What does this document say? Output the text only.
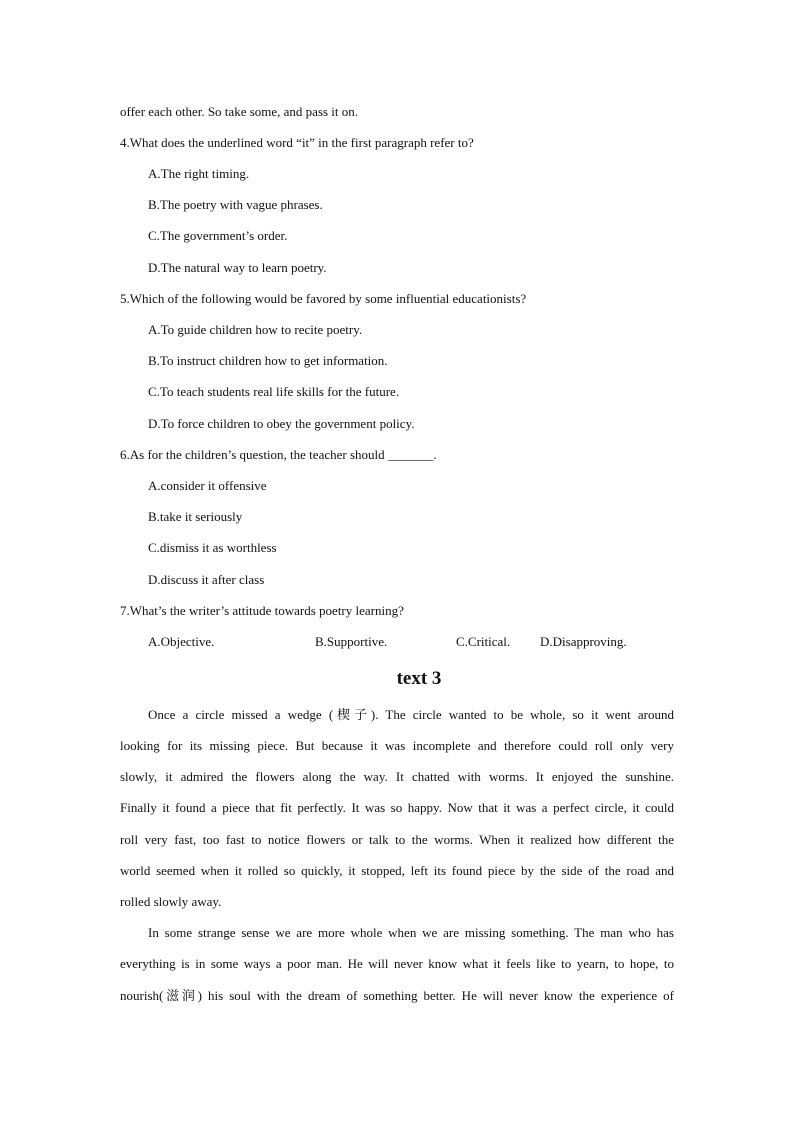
offer each other. So take some, and pass it on.
4.What does the underlined word “it” in the first paragraph refer to?
A.The right timing.
B.The poetry with vague phrases.
C.The government’s order.
D.The natural way to learn poetry.
5.Which of the following would be favored by some influential educationists?
A.To guide children how to recite poetry.
B.To instruct children how to get information.
C.To teach students real life skills for the future.
D.To force children to obey the government policy.
6.As for the children’s question, the teacher should _______.
A.consider it offensive
B.take it seriously
C.dismiss it as worthless
D.discuss it after class
7.What’s the writer’s attitude towards poetry learning?
A.Objective.	B.Supportive.	C.Critical. D.Disapproving.
text 3
Once a circle missed a wedge (楔子). The circle wanted to be whole, so it went around
looking for its missing piece. But because it was incomplete and therefore could roll only very
slowly, it admired the flowers along the way. It chatted with worms. It enjoyed the sunshine.
Finally it found a piece that fit perfectly. It was so happy. Now that it was a perfect circle, it could
roll very fast, too fast to notice flowers or talk to the worms. When it realized how different the
world seemed when it rolled so quickly, it stopped, left its found piece by the side of the road and
rolled slowly away.
In some strange sense we are more whole when we are missing something. The man who has
everything is in some ways a poor man. He will never know what it feels like to yearn, to hope, to
nourish(滋润) his soul with the dream of something better. He will never know the experience of
